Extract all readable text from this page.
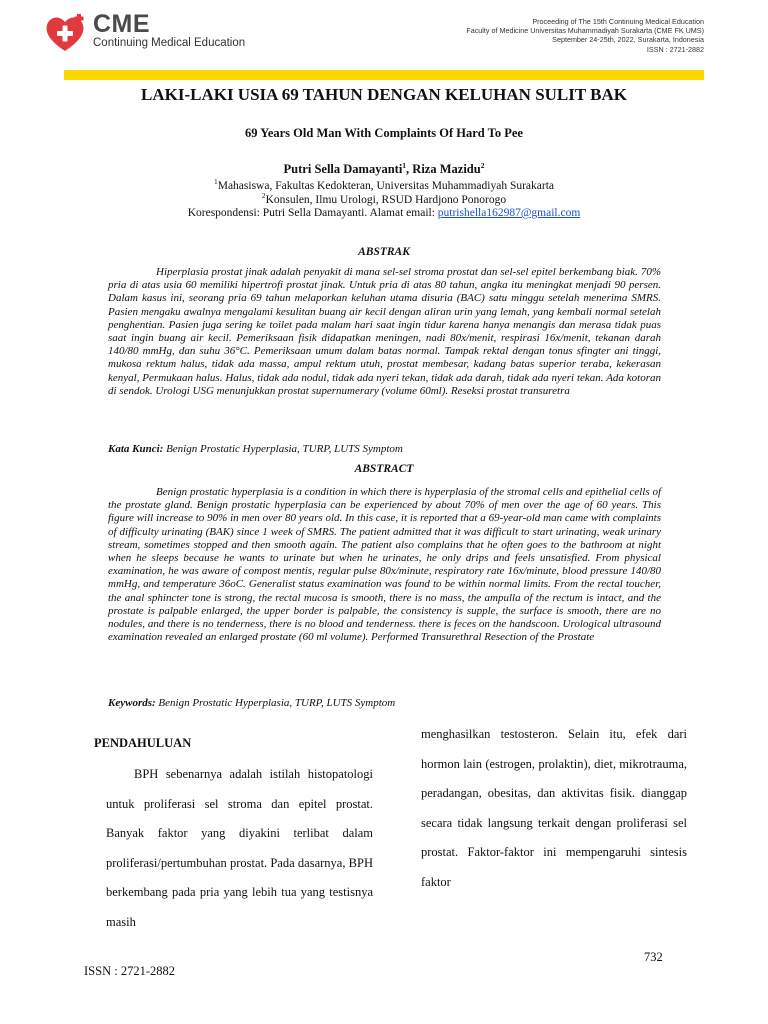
CME
Continuing Medical Education
Proceeding of The 15th Continuing Medical Education
Faculty of Medicine Universitas Muhammadiyah Surakarta (CME FK UMS)
September 24-25th, 2022, Surakarta, Indonesia
ISSN : 2721-2882
LAKI-LAKI USIA 69 TAHUN DENGAN KELUHAN SULIT BAK
69 Years Old Man With Complaints Of Hard To Pee
Putri Sella Damayanti$^1$, Riza Mazidu$^2$
$^1$Mahasiswa, Fakultas Kedokteran, Universitas Muhammadiyah Surakarta
$^2$Konsulen, Ilmu Urologi, RSUD Hardjono Ponorogo
Korespondensi: Putri Sella Damayanti. Alamat email: putrishella162987@gmail.com
ABSTRAK

Hiperplasia prostat jinak adalah penyakit di mana sel-sel stroma prostat dan sel-sel epitel berkembang biak. 70% pria di atas usia 60 memiliki hipertrofi prostat jinak. Untuk pria di atas 80 tahun, angka itu meningkat menjadi 90 persen. Dalam kasus ini, seorang pria 69 tahun melaporkan keluhan utama disuria (BAC) satu minggu setelah menerima SMRS. Pasien mengaku awalnya mengalami kesulitan buang air kecil dengan aliran urin yang lemah, yang kembali normal setelah penghentian. Pasien juga sering ke toilet pada malam hari saat ingin tidur karena hanya menangis dan merasa tidak puas saat ingin buang air kecil. Pemeriksaan fisik didapatkan meningen, nadi 80x/menit, respirasi 16x/menit, tekanan darah 140/80 mmHg, dan suhu 36°C. Pemeriksaan umum dalam batas normal. Tampak rektal dengan tonus sfingter ani tinggi, mukosa rektum halus, tidak ada massa, ampul rektum utuh, prostat membesar, kadang batas superior teraba, kekerasan kenyal, Permukaan halus. Halus, tidak ada nodul, tidak ada nyeri tekan, tidak ada darah, tidak ada nyeri tekan. Ada kotoran di sendok. Urologi USG menunjukkan prostat supernumerary (volume 60ml). Reseksi prostat transuretra

Kata Kunci: Benign Prostatic Hyperplasia, TURP, LUTS Symptom
ABSTRACT

Benign prostatic hyperplasia is a condition in which there is hyperplasia of the stromal cells and epithelial cells of the prostate gland. Benign prostatic hyperplasia can be experienced by about 70% of men over the age of 60 years. This figure will increase to 90% in men over 80 years old. In this case, it is reported that a 69-year-old man came with complaints of difficulty urinating (BAK) since 1 week of SMRS. The patient admitted that it was difficult to start urinating, weak urinary stream, sometimes stopped and then smooth again. The patient also complains that he often goes to the bathroom at night when he sleeps because he wants to urinate but when he urinates, he only drips and feels unsatisfied. From physical examination, he was aware of compost mentis, regular pulse 80x/minute, respiratory rate 16x/minute, blood pressure 140/80 mmHg, and temperature 36oC. Generalist status examination was found to be within normal limits. From the rectal toucher, the anal sphincter tone is strong, the rectal mucosa is smooth, there is no mass, the ampulla of the rectum is intact, and the prostate is palpable enlarged, the upper border is palpable, the consistency is supple, the surface is smooth, there are no nodules, and there is no tenderness, there is no blood and tenderness. there is feces on the handscoon. Urological ultrasound examination revealed an enlarged prostate (60 ml volume). Performed Transurethral Resection of the Prostate

Keywords: Benign Prostatic Hyperplasia, TURP, LUTS Symptom
PENDAHULUAN

BPH sebenarnya adalah istilah histopatologi untuk proliferasi sel stroma dan epitel prostat. Banyak faktor yang diyakini terlibat dalam proliferasi/pertumbuhan prostat. Pada dasarnya, BPH berkembang pada pria yang lebih tua yang testisnya masih

menghasilkan testosteron. Selain itu, efek dari hormon lain (estrogen, prolaktin), diet, mikrotrauma, peradangan, obesitas, dan aktivitas fisik. dianggap secara tidak langsung terkait dengan proliferasi sel prostat. Faktor-faktor ini mempengaruhi sintesis faktor

732
ISSN : 2721-2882
